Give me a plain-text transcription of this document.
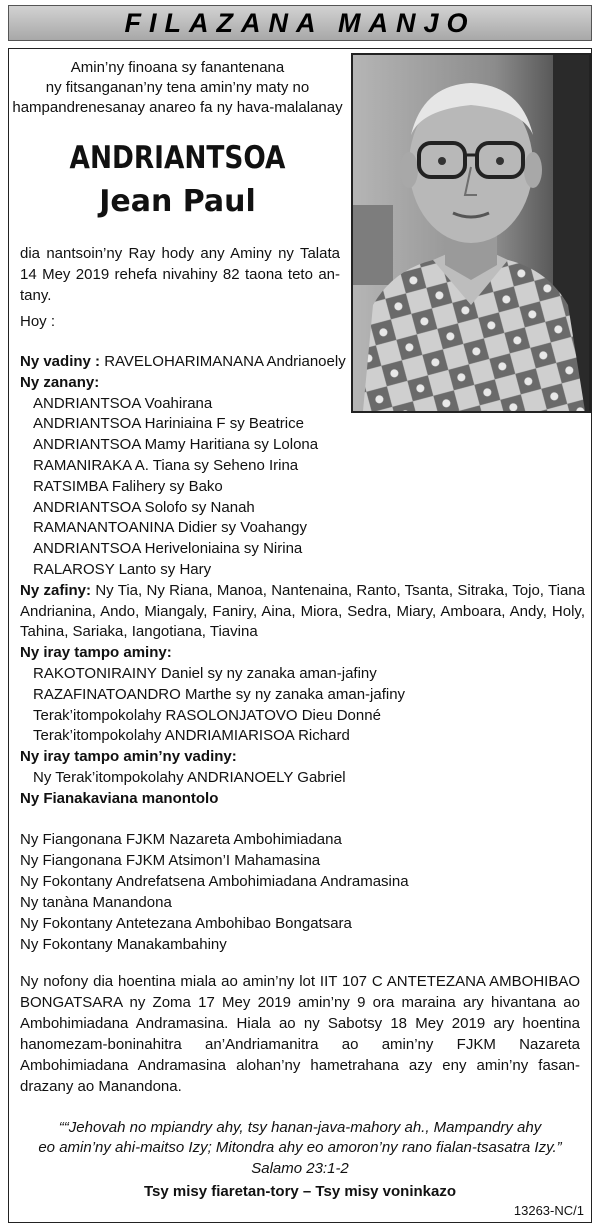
FILAZANA MANJO
Amin’ny finoana sy fanantenana
ny fitsanganan’ny tena amin’ny maty no
hampandrenesanay anareo fa ny hava-malalanay
ANDRIANTSOA
Jean Paul
dia nantsoin’ny Ray hody any Aminy ny Talata 14 Mey 2019 rehefa nivahiny 82 taona teto an-tany.
Hoy :
Ny vadiny : RAVELOHARIMANANA Andrianoely
Ny zanany:
ANDRIANTSOA Voahirana
ANDRIANTSOA Hariniaina F sy Beatrice
ANDRIANTSOA Mamy Haritiana sy Lolona
RAMANIRAKA A. Tiana sy Seheno Irina
RATSIMBA Falihery sy Bako
ANDRIANTSOA Solofo sy Nanah
RAMANANTOANINA Didier sy Voahangy
ANDRIANTSOA Heriveloniaina sy Nirina
RALAROSY Lanto sy Hary
Ny zafiny: Ny Tia, Ny Riana, Manoa, Nantenaina, Ranto, Tsanta, Sitraka, Tojo, Tiana Andrianina, Ando, Miangaly, Faniry, Aina, Miora, Sedra, Miary, Amboara, Andy, Holy, Tahina, Sariaka, Iangotiana, Tiavina
Ny iray tampo aminy:
RAKOTONIRAINY Daniel sy ny zanaka aman-jafiny
RAZAFINATOANDRO Marthe sy ny zanaka aman-jafiny
Terak’itompokolahy RASOLONJATOVO Dieu Donné
Terak’itompokolahy ANDRIAMIARISOA Richard
Ny iray tampo amin’ny vadiny:
Ny Terak’itompokolahy ANDRIANOELY Gabriel
Ny Fianakaviana manontolo
Ny Fiangonana FJKM Nazareta Ambohimiadana
Ny Fiangonana FJKM Atsimon’I Mahamasina
Ny Fokontany Andrefatsena Ambohimiadana Andramasina
Ny tanàna Manandona
Ny Fokontany Antetezana Ambohibao Bongatsara
Ny Fokontany Manakambahiny
Ny nofony dia hoentina miala ao amin’ny lot IIT 107 C ANTETEZANA AMBOHIBAO BONGATSARA ny Zoma 17 Mey 2019 amin’ny 9 ora maraina ary hivantana ao Ambohimiadana Andramasina. Hiala ao ny Sabotsy 18 Mey 2019 ary hoentina hanomezam-boninahitra an’Andriamanitra ao amin’ny FJKM Nazareta Ambohimiadana Andramasina alohan’ny hametrahana azy eny amin’ny fasan-drazany ao Manandona.
““Jehovah no mpiandry ahy, tsy hanan-java-mahory ah., Mampandry ahy
eo amin’ny ahi-maitso Izy; Mitondra ahy eo amoron’ny rano fialan-tsasatra Izy.”
Salamo 23:1-2
Tsy misy fiaretan-tory – Tsy misy voninkazo
13263-NC/1
